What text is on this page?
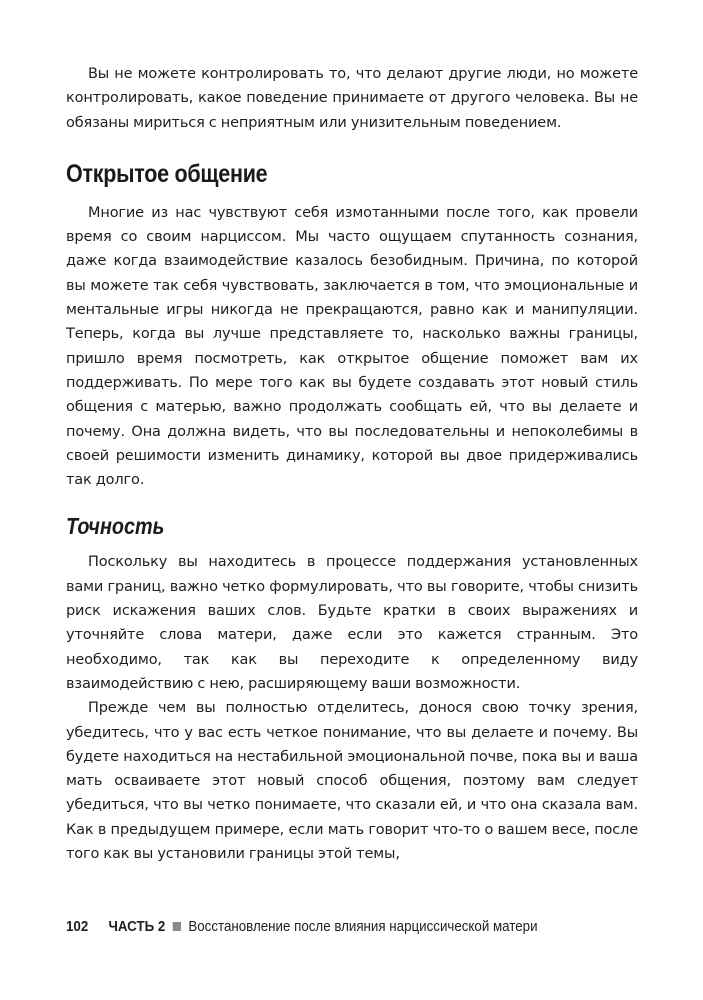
Вы не можете контролировать то, что делают другие люди, но можете контролировать, какое поведение принимаете от другого человека. Вы не обязаны мириться с неприятным или унизительным поведением.

Открытое общение

Многие из нас чувствуют себя измотанными после того, как провели время со своим нарциссом. Мы часто ощущаем спутанность сознания, даже когда взаимодействие казалось безобидным. Причина, по которой вы можете так себя чувствовать, заключается в том, что эмоциональные и ментальные игры никогда не прекращаются, равно как и манипуляции. Теперь, когда вы лучше представляете то, насколько важны границы, пришло время посмотреть, как открытое общение поможет вам их поддерживать. По мере того как вы будете создавать этот новый стиль общения с матерью, важно продолжать сообщать ей, что вы делаете и почему. Она должна видеть, что вы последовательны и непоколебимы в своей решимости изменить динамику, которой вы двое придерживались так долго.

Точность

Поскольку вы находитесь в процессе поддержания установленных вами границ, важно четко формулировать, что вы говорите, чтобы снизить риск искажения ваших слов. Будьте кратки в своих выражениях и уточняйте слова матери, даже если это кажется странным. Это необходимо, так как вы переходите к определенному виду взаимодействию с нею, расширяющему ваши возможности.

Прежде чем вы полностью отделитесь, донося свою точку зрения, убедитесь, что у вас есть четкое понимание, что вы делаете и почему. Вы будете находиться на нестабильной эмоциональной почве, пока вы и ваша мать осваиваете этот новый способ общения, поэтому вам следует убедиться, что вы четко понимаете, что сказали ей, и что она сказала вам. Как в предыдущем примере, если мать говорит что-то о вашем весе, после того как вы установили границы этой темы,

102 ЧАСТЬ 2 Восстановление после влияния нарциссической матери
